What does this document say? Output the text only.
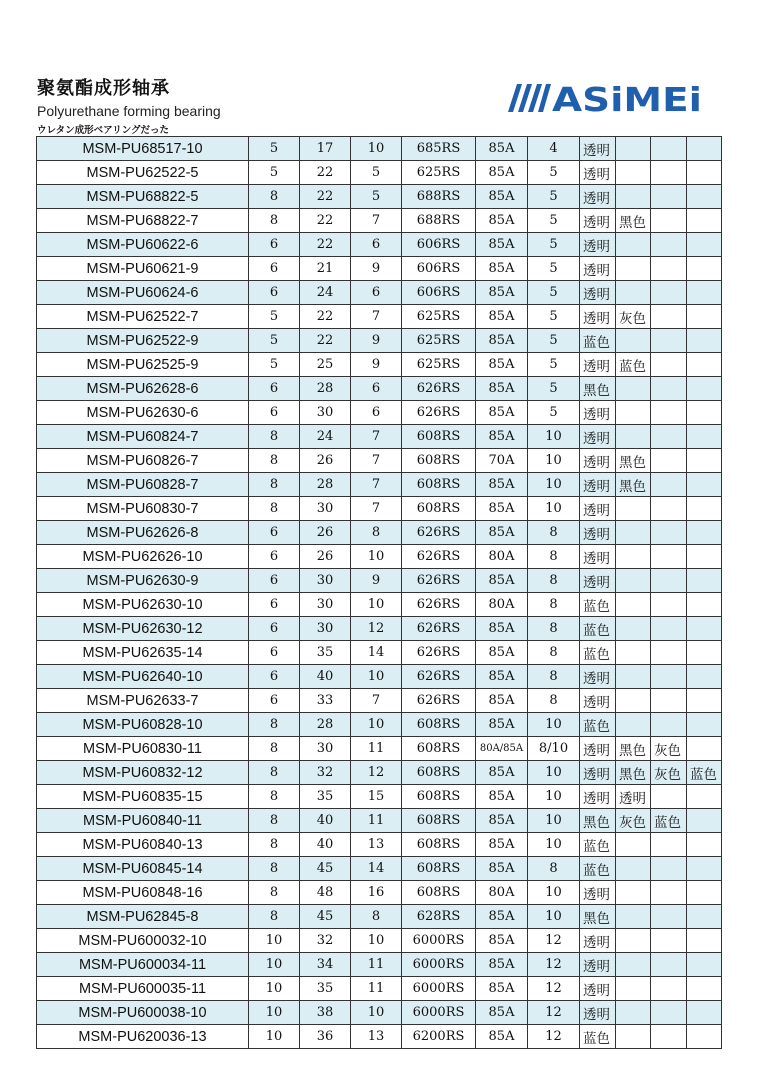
聚氨酯成形轴承
Polyurethane forming bearing
ウレタン成形ベアリングだった
ASiMEi
MSM-PU68517-10	5	17	10	685RS	85A	4	透明			
MSM-PU62522-5	5	22	5	625RS	85A	5	透明			
MSM-PU68822-5	8	22	5	688RS	85A	5	透明			
MSM-PU68822-7	8	22	7	688RS	85A	5	透明	黑色		
MSM-PU60622-6	6	22	6	606RS	85A	5	透明			
MSM-PU60621-9	6	21	9	606RS	85A	5	透明			
MSM-PU60624-6	6	24	6	606RS	85A	5	透明			
MSM-PU62522-7	5	22	7	625RS	85A	5	透明	灰色		
MSM-PU62522-9	5	22	9	625RS	85A	5	蓝色			
MSM-PU62525-9	5	25	9	625RS	85A	5	透明	蓝色		
MSM-PU62628-6	6	28	6	626RS	85A	5	黑色			
MSM-PU62630-6	6	30	6	626RS	85A	5	透明			
MSM-PU60824-7	8	24	7	608RS	85A	10	透明			
MSM-PU60826-7	8	26	7	608RS	70A	10	透明	黑色		
MSM-PU60828-7	8	28	7	608RS	85A	10	透明	黑色		
MSM-PU60830-7	8	30	7	608RS	85A	10	透明			
MSM-PU62626-8	6	26	8	626RS	85A	8	透明			
MSM-PU62626-10	6	26	10	626RS	80A	8	透明			
MSM-PU62630-9	6	30	9	626RS	85A	8	透明			
MSM-PU62630-10	6	30	10	626RS	80A	8	蓝色			
MSM-PU62630-12	6	30	12	626RS	85A	8	蓝色			
MSM-PU62635-14	6	35	14	626RS	85A	8	蓝色			
MSM-PU62640-10	6	40	10	626RS	85A	8	透明			
MSM-PU62633-7	6	33	7	626RS	85A	8	透明			
MSM-PU60828-10	8	28	10	608RS	85A	10	蓝色			
MSM-PU60830-11	8	30	11	608RS	80A/85A	8/10	透明	黑色	灰色	
MSM-PU60832-12	8	32	12	608RS	85A	10	透明	黑色	灰色	蓝色
MSM-PU60835-15	8	35	15	608RS	85A	10	透明	透明		
MSM-PU60840-11	8	40	11	608RS	85A	10	黑色	灰色	蓝色	
MSM-PU60840-13	8	40	13	608RS	85A	10	蓝色			
MSM-PU60845-14	8	45	14	608RS	85A	8	蓝色			
MSM-PU60848-16	8	48	16	608RS	80A	10	透明			
MSM-PU62845-8	8	45	8	628RS	85A	10	黑色			
MSM-PU600032-10	10	32	10	6000RS	85A	12	透明			
MSM-PU600034-11	10	34	11	6000RS	85A	12	透明			
MSM-PU600035-11	10	35	11	6000RS	85A	12	透明			
MSM-PU600038-10	10	38	10	6000RS	85A	12	透明			
MSM-PU620036-13	10	36	13	6200RS	85A	12	蓝色			
